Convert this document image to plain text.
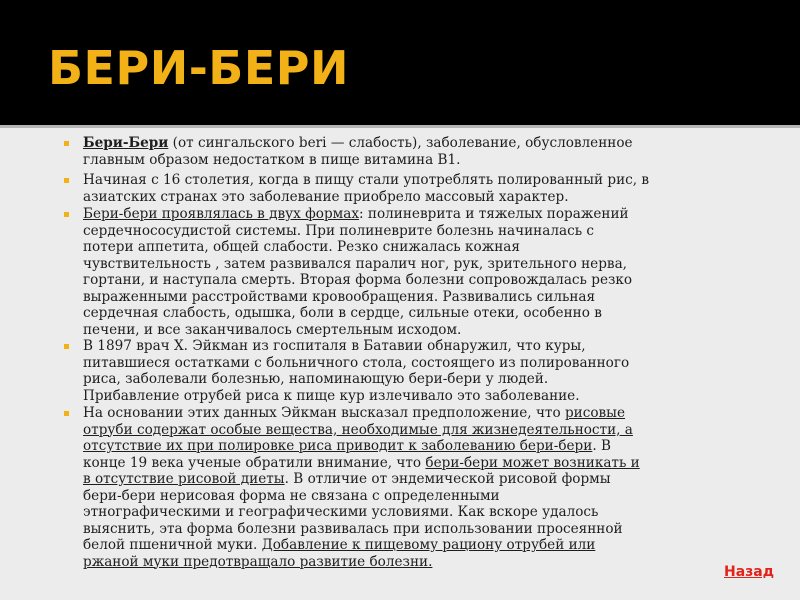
БЕРИ-БЕРИ
Бери-Бери (от сингальского beri — слабость), заболевание, обусловленное
главным образом недостатком в пище витамина В1.
Начиная с 16 столетия, когда в пищу стали употреблять полированный рис, в
азиатских странах это заболевание приобрело массовый характер.
Бери-бери проявлялась в двух формах: полиневрита и тяжелых поражений
сердечнососудистой системы. При полиневрите болезнь начиналась с
потери аппетита, общей слабости. Резко снижалась кожная
чувствительность , затем развивался паралич ног, рук, зрительного нерва,
гортани, и наступала смерть. Вторая форма болезни сопровождалась резко
выраженными расстройствами кровообращения. Развивались сильная
сердечная слабость, одышка, боли в сердце, сильные отеки, особенно в
печени, и все заканчивалось смертельным исходом.
В 1897 врач Х. Эйкман из госпиталя в Батавии обнаружил, что куры,
питавшиеся остатками с больничного стола, состоящего из полированного
риса, заболевали болезнью, напоминающую бери-бери у людей.
Прибавление отрубей риса к пище кур излечивало это заболевание.
На основании этих данных Эйкман высказал предположение, что рисовые
отруби содержат особые вещества, необходимые для жизнедеятельности, а
отсутствие их при полировке риса приводит к заболеванию бери-бери. В
конце 19 века ученые обратили внимание, что бери-бери может возникать и
в отсутствие рисовой диеты. В отличие от эндемической рисовой формы
бери-бери нерисовая форма не связана с определенными
этнографическими и географическими условиями. Как вскоре удалось
выяснить, эта форма болезни развивалась при использовании просеянной
белой пшеничной муки. Добавление к пищевому рациону отрубей или
ржаной муки предотвращало развитие болезни.
Назад
